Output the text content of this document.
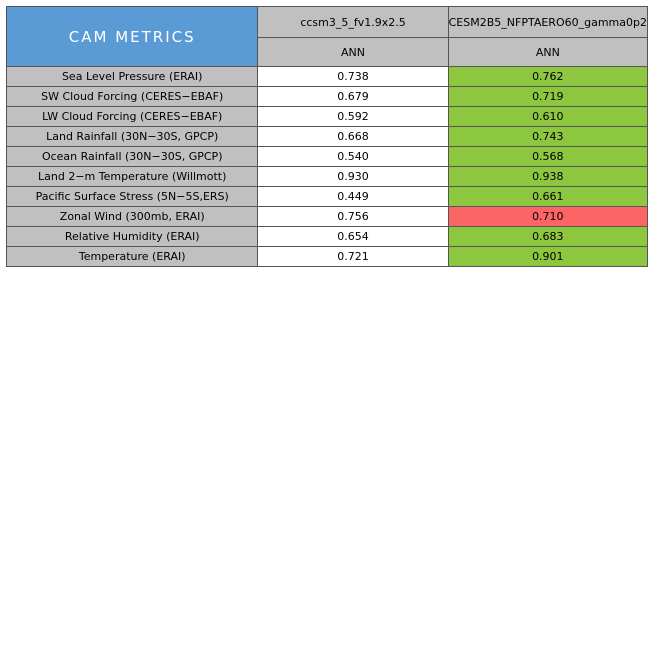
CAM METRICS	ccsm3_5_fv1.9x2.5	CESM2B5_NFPTAERO60_gamma0p2
	ANN	ANN
Sea Level Pressure (ERAI)	0.738	0.762
SW Cloud Forcing (CERES−EBAF)	0.679	0.719
LW Cloud Forcing (CERES−EBAF)	0.592	0.610
Land Rainfall (30N−30S, GPCP)	0.668	0.743
Ocean Rainfall (30N−30S, GPCP)	0.540	0.568
Land 2−m Temperature (Willmott)	0.930	0.938
Pacific Surface Stress (5N−5S,ERS)	0.449	0.661
Zonal Wind (300mb, ERAI)	0.756	0.710
Relative Humidity (ERAI)	0.654	0.683
Temperature (ERAI)	0.721	0.901
